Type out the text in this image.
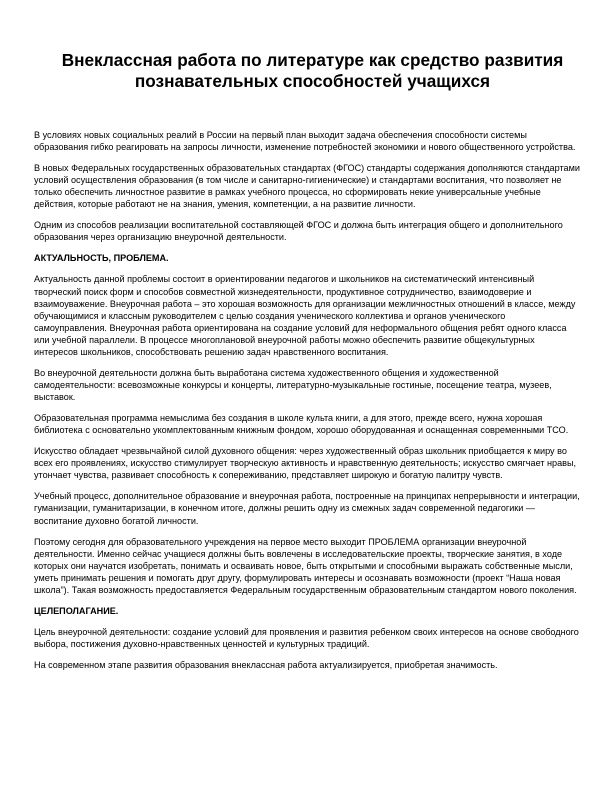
Внеклассная работа по литературе как средство развития познавательных способностей учащихся

В условиях новых социальных реалий в России на первый план выходит задача обеспечения способности системы образования гибко реагировать на запросы личности, изменение потребностей экономики и нового общественного устройства.

В новых Федеральных государственных образовательных стандартах (ФГОС) стандарты содержания дополняются стандартами условий осуществления образования (в том числе и санитарно-гигиенические) и стандартами воспитания, что позволяет не только обеспечить личностное развитие в рамках учебного процесса, но сформировать некие универсальные учебные действия, которые работают не на знания, умения, компетенции, а на развитие личности.

Одним из способов реализации воспитательной составляющей ФГОС и должна быть интеграция общего и дополнительного образования через организацию внеурочной деятельности.

АКТУАЛЬНОСТЬ, ПРОБЛЕМА.

Актуальность данной проблемы состоит в ориентировании педагогов и школьников на систематический интенсивный творческий поиск форм и способов совместной жизнедеятельности, продуктивное сотрудничество, взаимодоверие и взаимоуважение. Внеурочная работа – это хорошая возможность для организации межличностных отношений в классе, между обучающимися и классным руководителем с целью создания ученического коллектива и органов ученического самоуправления. Внеурочная работа ориентирована на создание условий для неформального общения ребят одного класса или учебной параллели. В процессе многоплановой внеурочной работы можно обеспечить развитие общекультурных интересов школьников, способствовать решению задач нравственного воспитания.

Во внеурочной деятельности должна быть выработана система художественного общения и художественной самодеятельности: всевозможные конкурсы и концерты, литературно-музыкальные гостиные, посещение театра, музеев, выставок.

Образовательная программа немыслима без создания в школе культа книги, а для этого, прежде всего, нужна хорошая библиотека с основательно укомплектованным книжным фондом, хорошо оборудованная и оснащенная современными ТСО.

Искусство обладает чрезвычайной силой духовного общения: через художественный образ школьник приобщается к миру во всех его проявлениях, искусство стимулирует творческую активность и нравственную деятельность; искусство смягчает нравы, утончает чувства, развивает способность к сопереживанию, представляет широкую и богатую палитру чувств.

Учебный процесс, дополнительное образование и внеурочная работа, построенные на принципах непрерывности и интеграции, гуманизации, гуманитаризации, в конечном итоге, должны решить одну из смежных задач современной педагогики — воспитание духовно богатой личности.

Поэтому сегодня для образовательного учреждения на первое место выходит ПРОБЛЕМА организации внеурочной деятельности. Именно сейчас учащиеся должны быть вовлечены в исследовательские проекты, творческие занятия, в ходе которых они научатся изобретать, понимать и осваивать новое, быть открытыми и способными выражать собственные мысли, уметь принимать решения и помогать друг другу, формулировать интересы и осознавать возможности (проект “Наша новая школа”). Такая возможность предоставляется Федеральным государственным образовательным стандартом нового поколения.

ЦЕЛЕПОЛАГАНИЕ.

Цель внеурочной деятельности: создание условий для проявления и развития ребенком своих интересов на основе свободного выбора, постижения духовно-нравственных ценностей и культурных традиций.

На современном этапе развития образования внеклассная работа актуализируется, приобретая значимость.
